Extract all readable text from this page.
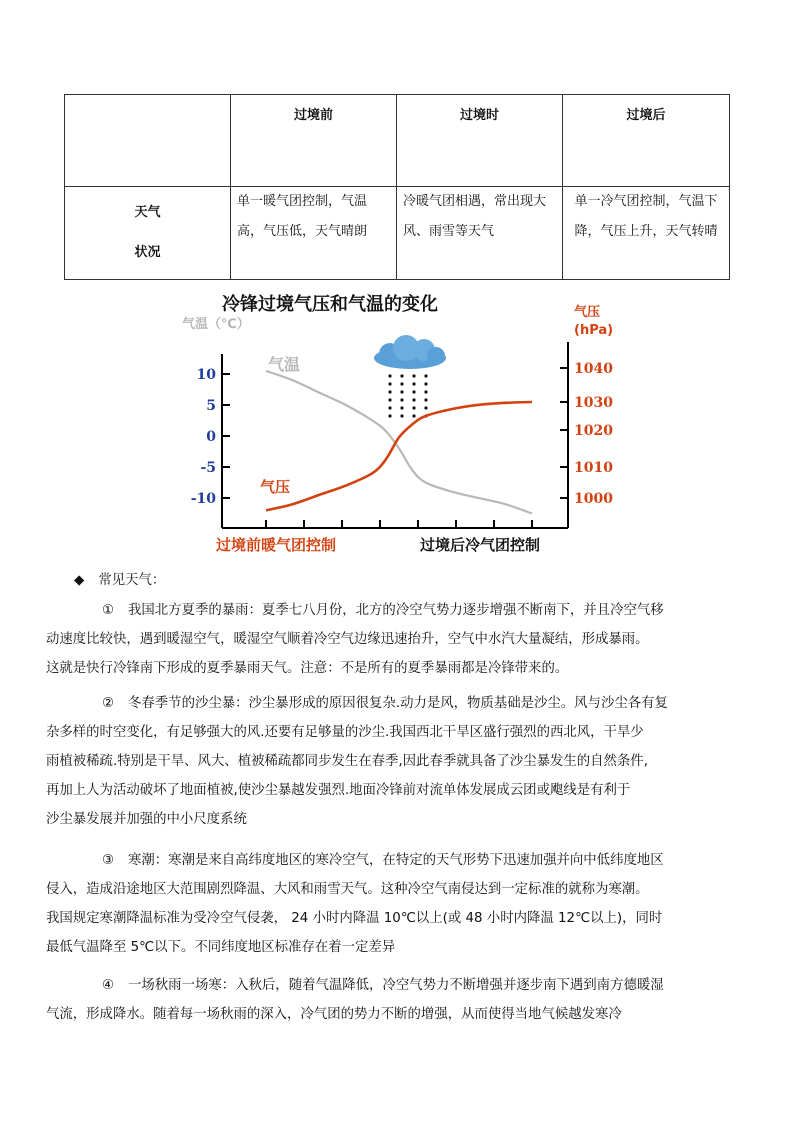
	过境前	过境时	过境后

天气
状况	单一暖气团控制，气温高，气压低，天气晴朗	冷暖气团相遇，常出现大风、雨雪等天气	单一冷气团控制，气温下降，气压上升，天气转晴
冷锋过境气压和气温的变化
气温（℃）
气压
(hPa)
10
5
0
-5
-10
1040
1030
1020
1010
1000
气温
气压
过境前暖气团控制	过境后冷气团控制
◆ 常见天气：
① 我国北方夏季的暴雨：夏季七八月份，北方的冷空气势力逐步增强不断南下，并且冷空气移
动速度比较快，遇到暖湿空气，暖湿空气顺着冷空气边缘迅速抬升，空气中水汽大量凝结，形成暴雨。
这就是快行冷锋南下形成的夏季暴雨天气。注意：不是所有的夏季暴雨都是冷锋带来的。
② 冬春季节的沙尘暴：沙尘暴形成的原因很复杂.动力是风，物质基础是沙尘。风与沙尘各有复
杂多样的时空变化，有足够强大的风.还要有足够量的沙尘.我国西北干旱区盛行强烈的西北风，干旱少
雨植被稀疏.特别是干旱、风大、植被稀疏都同步发生在春季,因此春季就具备了沙尘暴发生的自然条件,
再加上人为活动破坏了地面植被,使沙尘暴越发强烈.地面冷锋前对流单体发展成云团或飑线是有利于
沙尘暴发展并加强的中小尺度系统
③ 寒潮：寒潮是来自高纬度地区的寒冷空气，在特定的天气形势下迅速加强并向中低纬度地区
侵入，造成沿途地区大范围剧烈降温、大风和雨雪天气。这种冷空气南侵达到一定标准的就称为寒潮。
我国规定寒潮降温标准为受冷空气侵袭， 24 小时内降温 10℃以上(或 48 小时内降温 12℃以上)，同时
最低气温降至 5℃以下。不同纬度地区标准存在着一定差异
④ 一场秋雨一场寒：入秋后，随着气温降低，冷空气势力不断增强并逐步南下遇到南方德暖湿
气流，形成降水。随着每一场秋雨的深入，冷气团的势力不断的增强，从而使得当地气候越发寒冷
